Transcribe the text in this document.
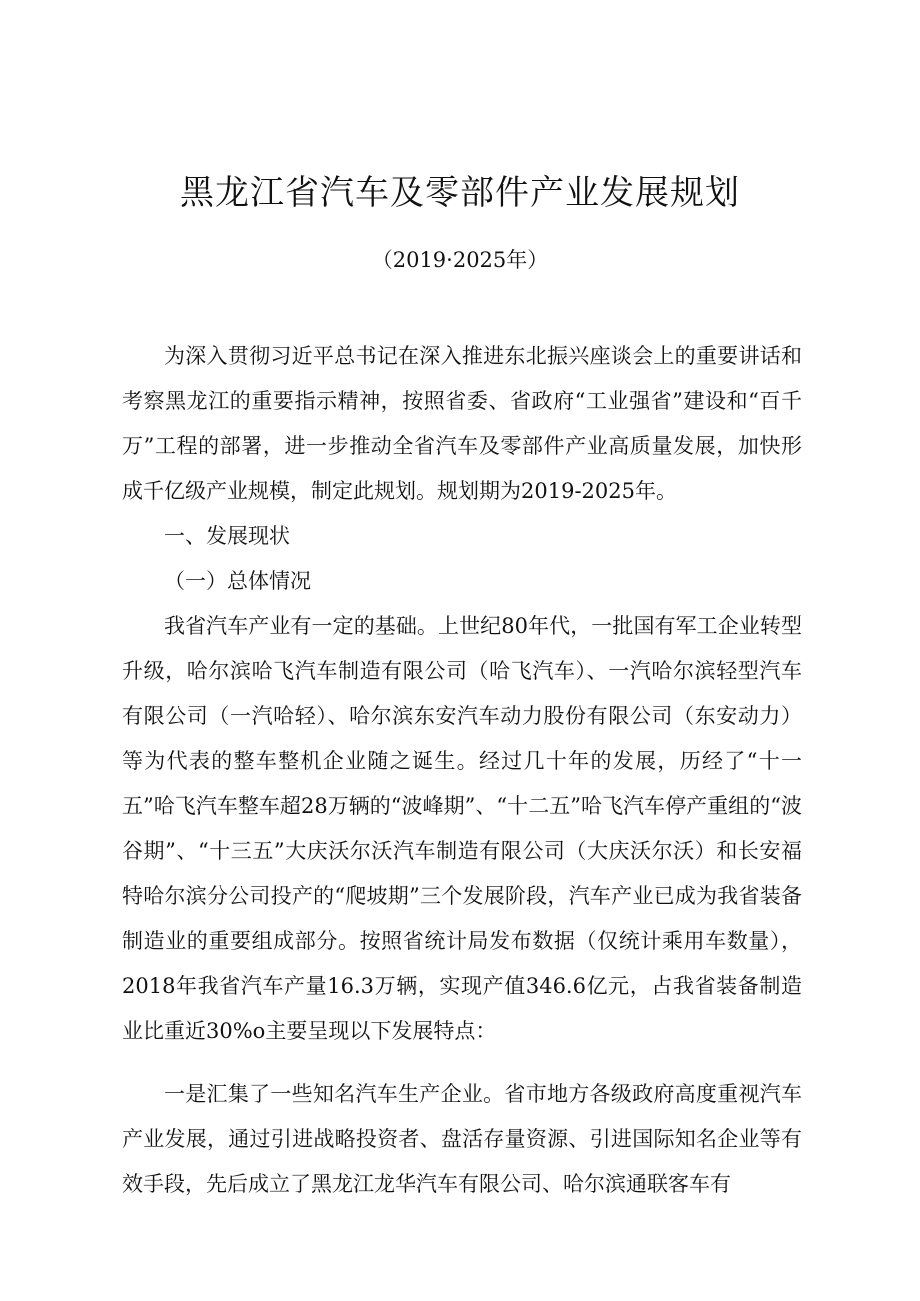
黑龙江省汽车及零部件产业发展规划
（2019·2025年）

为深入贯彻习近平总书记在深入推进东北振兴座谈会上的重要讲话和考察黑龙江的重要指示精神，按照省委、省政府“工业强省”建设和“百千万”工程的部署，进一步推动全省汽车及零部件产业高质量发展，加快形成千亿级产业规模，制定此规划。规划期为2019-2025年。

一、发展现状

（一）总体情况

我省汽车产业有一定的基础。上世纪80年代，一批国有军工企业转型升级，哈尔滨哈飞汽车制造有限公司（哈飞汽车）、一汽哈尔滨轻型汽车有限公司（一汽哈轻）、哈尔滨东安汽车动力股份有限公司（东安动力）等为代表的整车整机企业随之诞生。经过几十年的发展，历经了“十一五”哈飞汽车整车超28万辆的“波峰期”、“十二五”哈飞汽车停产重组的“波谷期”、“十三五”大庆沃尔沃汽车制造有限公司（大庆沃尔沃）和长安福特哈尔滨分公司投产的“爬坡期”三个发展阶段，汽车产业已成为我省装备制造业的重要组成部分。按照省统计局发布数据（仅统计乘用车数量），2018年我省汽车产量16.3万辆，实现产值346.6亿元，占我省装备制造业比重近30%o主要呈现以下发展特点：

一是汇集了一些知名汽车生产企业。省市地方各级政府高度重视汽车产业发展，通过引进战略投资者、盘活存量资源、引进国际知名企业等有效手段，先后成立了黑龙江龙华汽车有限公司、哈尔滨通联客车有
